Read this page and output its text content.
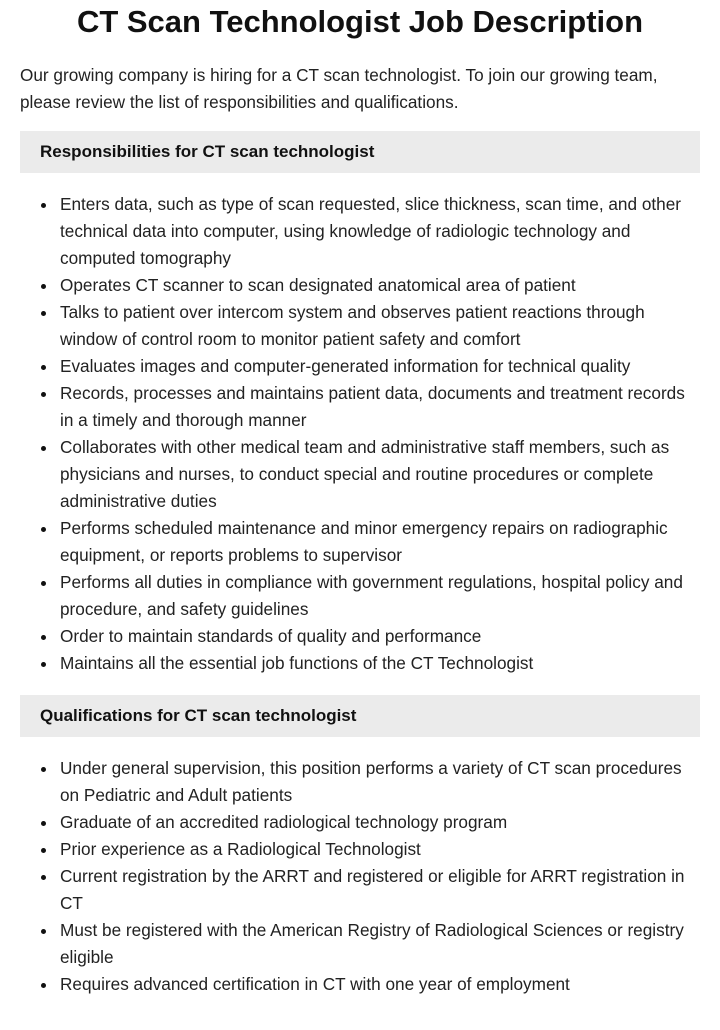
CT Scan Technologist Job Description

Our growing company is hiring for a CT scan technologist. To join our growing team, please review the list of responsibilities and qualifications.

Responsibilities for CT scan technologist
Enters data, such as type of scan requested, slice thickness, scan time, and other technical data into computer, using knowledge of radiologic technology and computed tomography
Operates CT scanner to scan designated anatomical area of patient
Talks to patient over intercom system and observes patient reactions through window of control room to monitor patient safety and comfort
Evaluates images and computer-generated information for technical quality
Records, processes and maintains patient data, documents and treatment records in a timely and thorough manner
Collaborates with other medical team and administrative staff members, such as physicians and nurses, to conduct special and routine procedures or complete administrative duties
Performs scheduled maintenance and minor emergency repairs on radiographic equipment, or reports problems to supervisor
Performs all duties in compliance with government regulations, hospital policy and procedure, and safety guidelines
Order to maintain standards of quality and performance
Maintains all the essential job functions of the CT Technologist
Qualifications for CT scan technologist
Under general supervision, this position performs a variety of CT scan procedures on Pediatric and Adult patients
Graduate of an accredited radiological technology program
Prior experience as a Radiological Technologist
Current registration by the ARRT and registered or eligible for ARRT registration in CT
Must be registered with the American Registry of Radiological Sciences or registry eligible
Requires advanced certification in CT with one year of employment
